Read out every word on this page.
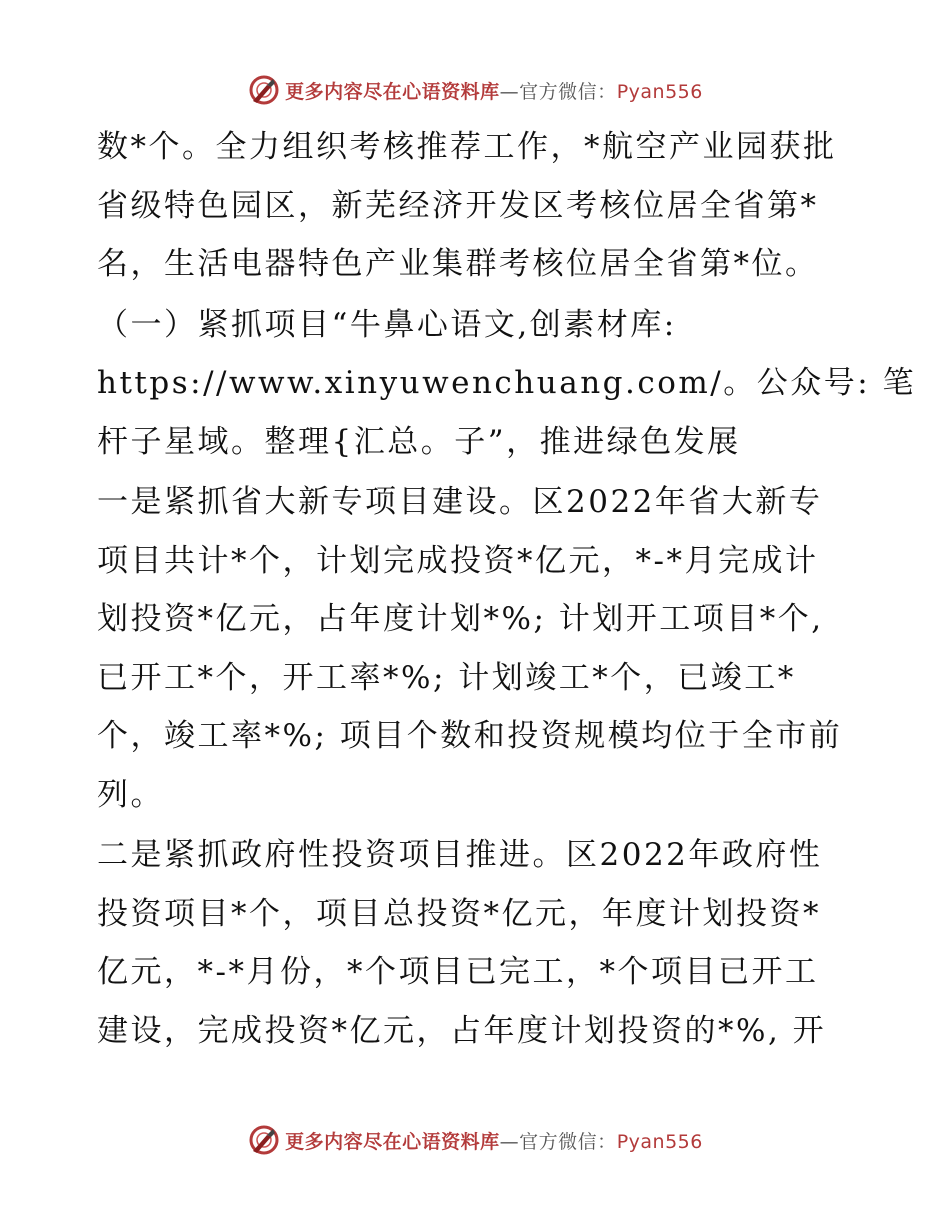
更多内容尽在心语资料库—官方微信：Pyan556

数*个。全力组织考核推荐工作，*航空产业园获批
省级特色园区，新芜经济开发区考核位居全省第*
名，生活电器特色产业集群考核位居全省第*位。

（一）紧抓项目“牛鼻心语文,创素材库:
https://www.xinyuwenchuang.com/。公众号: 笔
杆子星域。整理{汇总。子”，推进绿色发展

一是紧抓省大新专项目建设。区2022年省大新专
项目共计*个，计划完成投资*亿元，*-*月完成计
划投资*亿元，占年度计划*%; 计划开工项目*个,
已开工*个，开工率*%; 计划竣工*个，已竣工*
个，竣工率*%; 项目个数和投资规模均位于全市前
列。

二是紧抓政府性投资项目推进。区2022年政府性
投资项目*个，项目总投资*亿元，年度计划投资*
亿元，*-*月份，*个项目已完工，*个项目已开工
建设，完成投资*亿元，占年度计划投资的*%, 开

更多内容尽在心语资料库—官方微信：Pyan556
